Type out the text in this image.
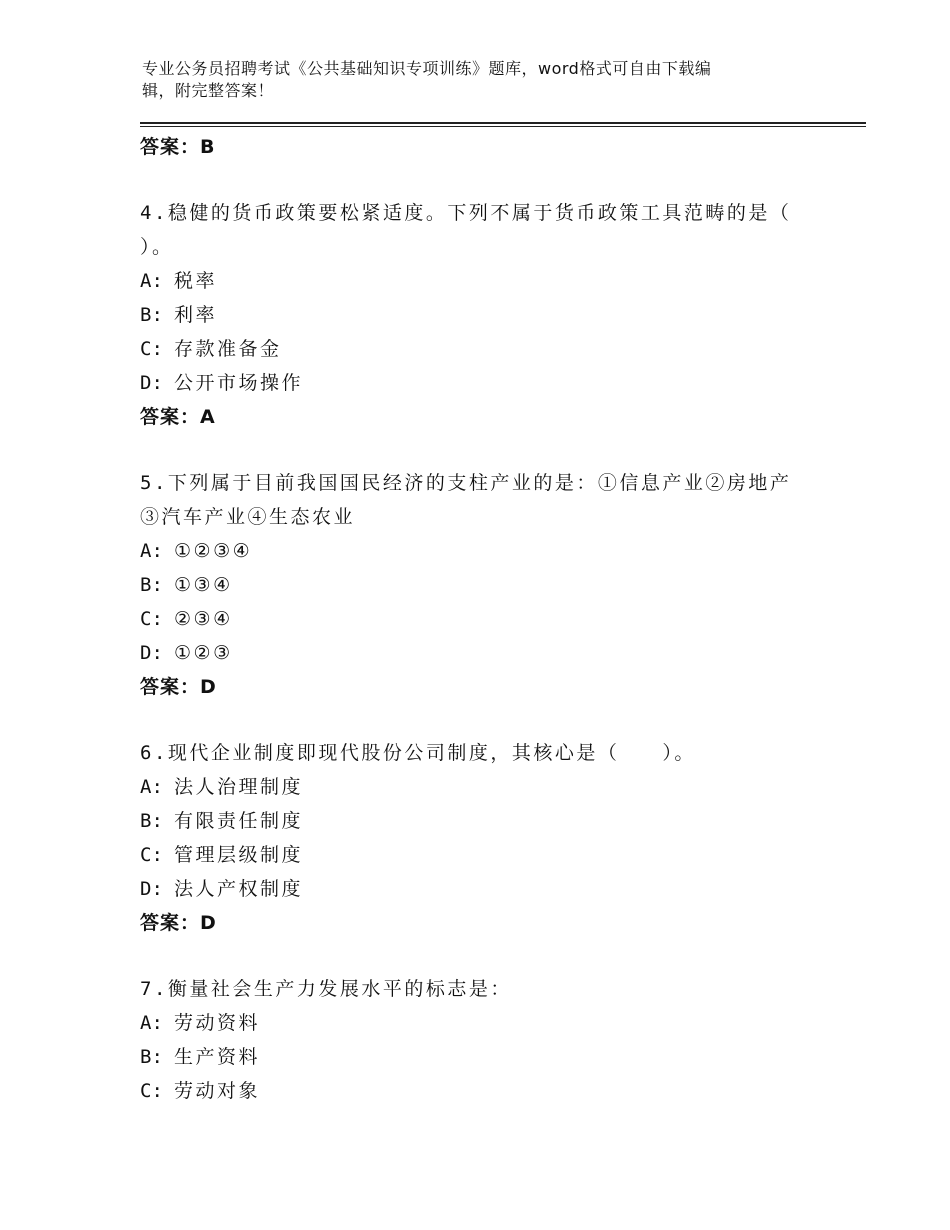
专业公务员招聘考试《公共基础知识专项训练》题库，word格式可自由下载编
辑，附完整答案！
答案：B
4.稳健的货币政策要松紧适度。下列不属于货币政策工具范畴的是（
）。
A: 税率
B: 利率
C: 存款准备金
D: 公开市场操作
答案：A
5.下列属于目前我国国民经济的支柱产业的是：①信息产业②房地产
③汽车产业④生态农业
A: ①②③④
B: ①③④
C: ②③④
D: ①②③
答案：D
6.现代企业制度即现代股份公司制度，其核心是（　　）。
A: 法人治理制度
B: 有限责任制度
C: 管理层级制度
D: 法人产权制度
答案：D
7.衡量社会生产力发展水平的标志是：
A: 劳动资料
B: 生产资料
C: 劳动对象
